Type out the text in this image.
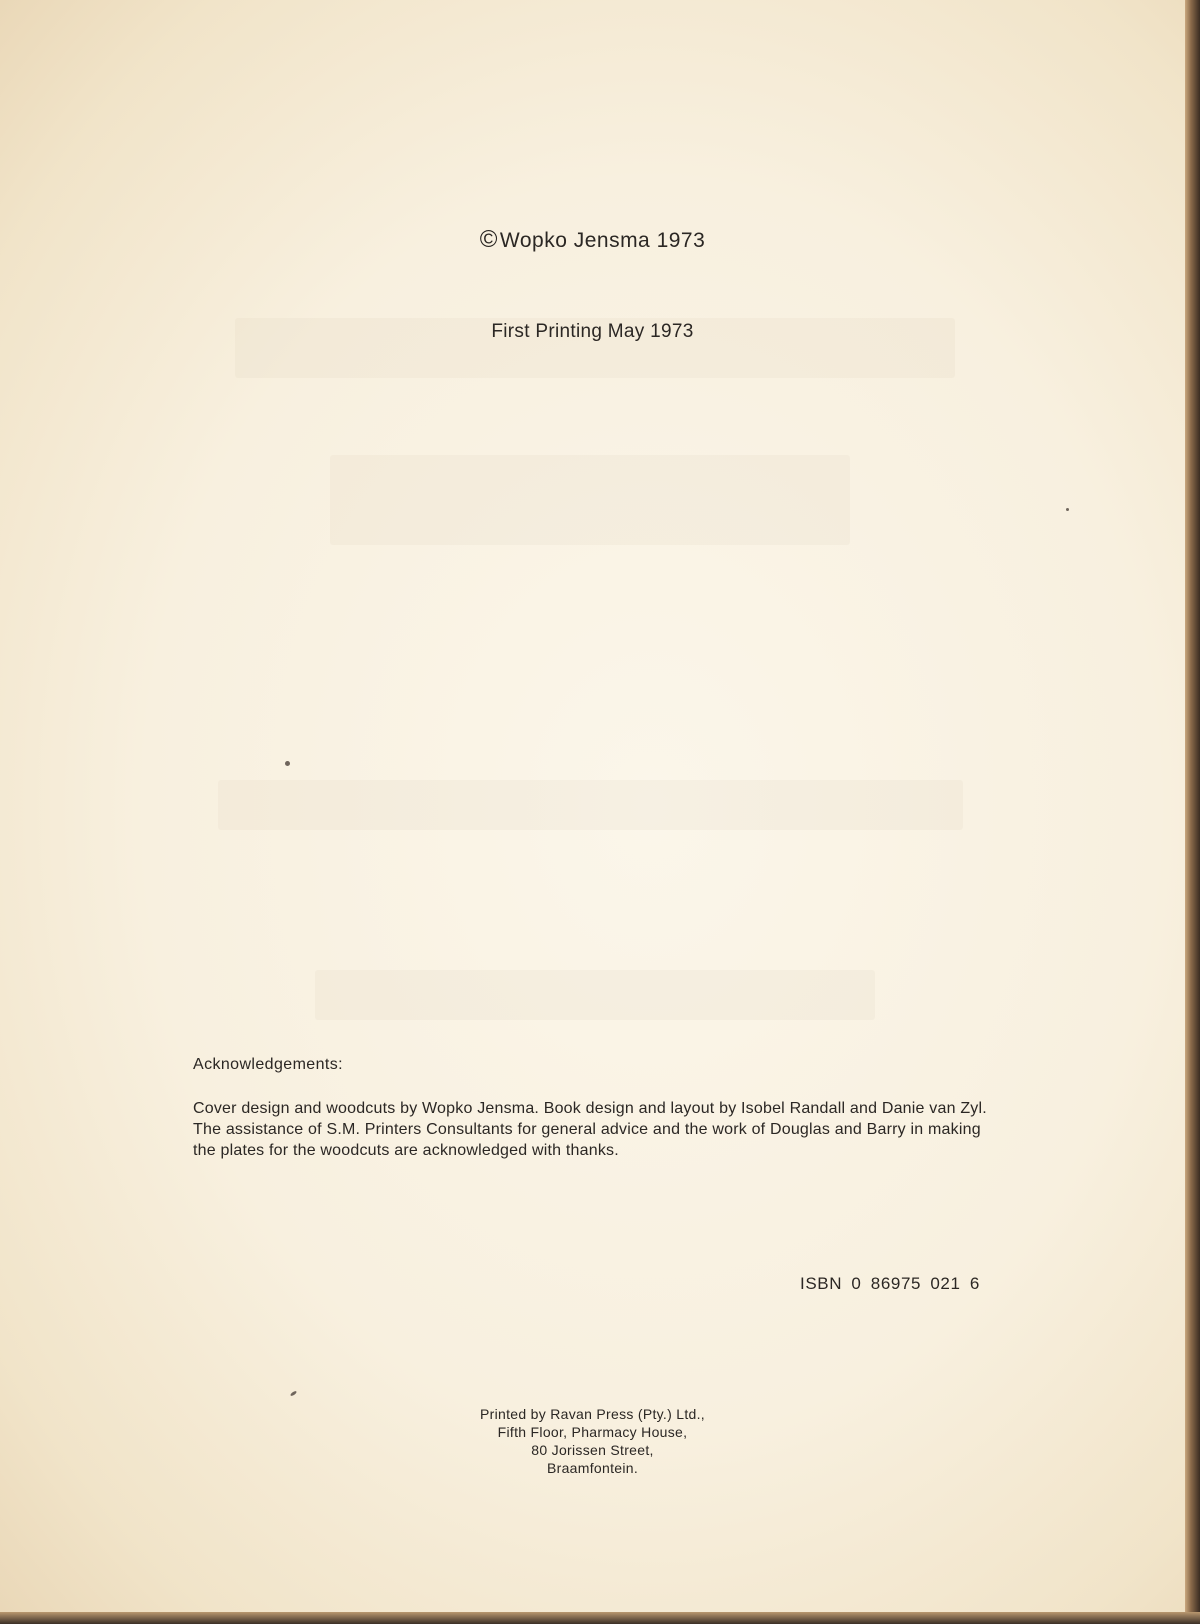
©Wopko Jensma 1973

First Printing May 1973

Acknowledgements:

Cover design and woodcuts by Wopko Jensma. Book design and layout by Isobel Randall and Danie van Zyl. The assistance of S.M. Printers Consultants for general advice and the work of Douglas and Barry in making the plates for the woodcuts are acknowledged with thanks.

ISBN 0 86975 021 6

Printed by Ravan Press (Pty.) Ltd.,
Fifth Floor, Pharmacy House,
80 Jorissen Street,
Braamfontein.
